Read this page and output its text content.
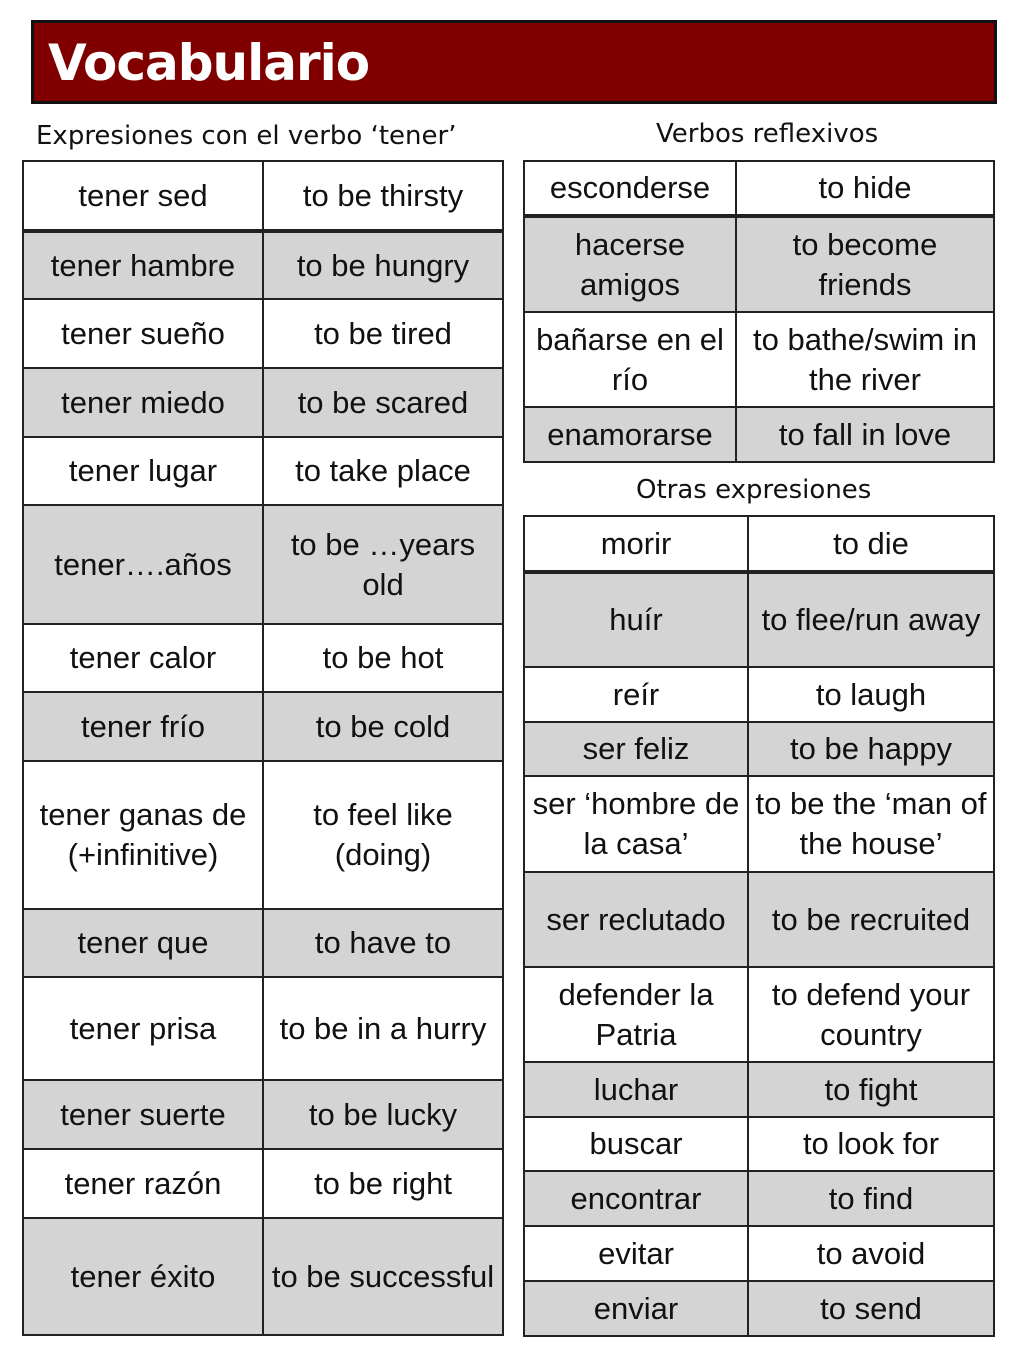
Vocabulario
Expresiones con el verbo ‘tener’	Verbos reflexivos
Otras expresiones
tener sed	to be thirsty
tener hambre	to be hungry
tener sueño	to be tired
tener miedo	to be scared
tener lugar	to take place
tener….años	to be …years old
tener calor	to be hot
tener frío	to be cold
tener ganas de (+infinitive)	to feel like (doing)
tener que	to have to
tener prisa	to be in a hurry
tener suerte	to be lucky
tener razón	to be right
tener éxito	to be successful
esconderse	to hide
hacerse amigos	to become friends
bañarse en el río	to bathe/swim in the river
enamorarse	to fall in love
morir	to die
huír	to flee/run away
reír	to laugh
ser feliz	to be happy
ser ‘hombre de la casa’	to be the ‘man of the house’
ser reclutado	to be recruited
defender la Patria	to defend your country
luchar	to fight
buscar	to look for
encontrar	to find
evitar	to avoid
enviar	to send
